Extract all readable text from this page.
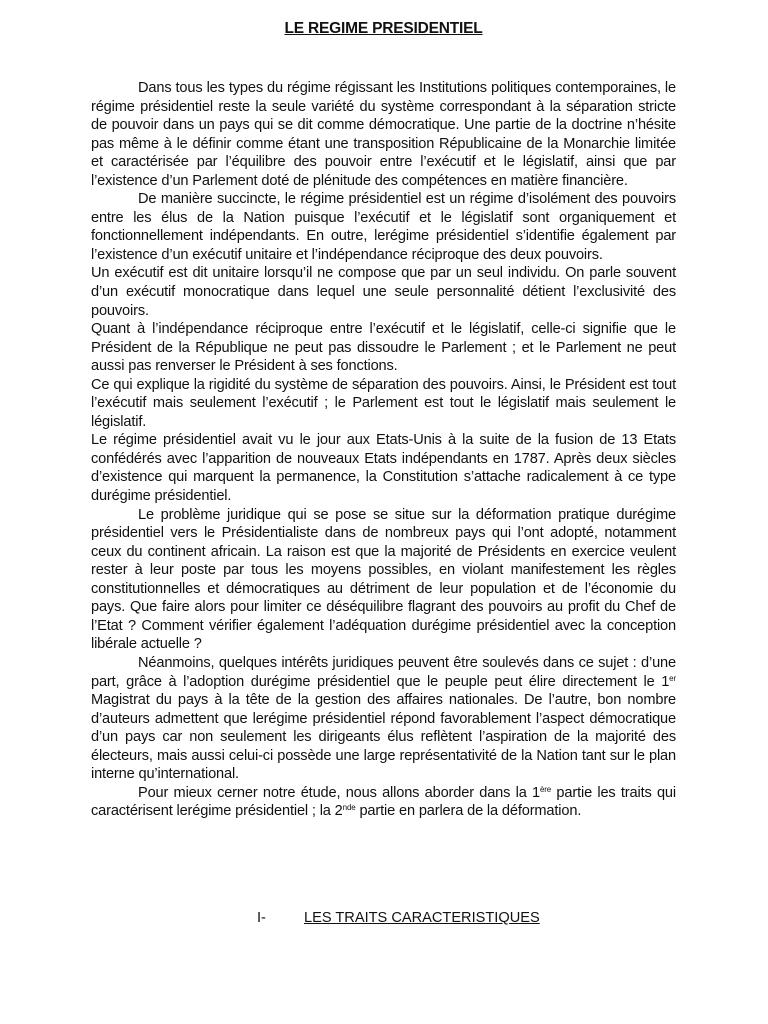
LE REGIME PRESIDENTIEL

Dans tous les types du régime régissant les Institutions politiques contemporaines, le régime présidentiel reste la seule variété du système correspondant à la séparation stricte de pouvoir dans un pays qui se dit comme démocratique. Une partie de la doctrine n’hésite pas même à le définir comme étant une transposition Républicaine de la Monarchie limitée et caractérisée par l’équilibre des pouvoir entre l’exécutif et le législatif, ainsi que par l’existence d’un Parlement doté de plénitude des compétences en matière financière.

De manière succincte, le régime présidentiel est un régime d’isolément des pouvoirs entre les élus de la Nation puisque l’exécutif et le législatif sont organiquement et fonctionnellement indépendants. En outre, lerégime présidentiel s’identifie également par l’existence d’un exécutif unitaire et l’indépendance réciproque des deux pouvoirs.

Un exécutif est dit unitaire lorsqu’il ne compose que par un seul individu. On parle souvent d’un exécutif monocratique dans lequel une seule personnalité détient l’exclusivité des pouvoirs.

Quant à l’indépendance réciproque entre l’exécutif et le législatif, celle-ci signifie que le Président de la République ne peut pas dissoudre le Parlement ; et le Parlement ne peut aussi pas renverser le Président à ses fonctions.

Ce qui explique la rigidité du système de séparation des pouvoirs. Ainsi, le Président est tout l’exécutif mais seulement l’exécutif ; le Parlement est tout le législatif mais seulement le législatif.

Le régime présidentiel avait vu le jour aux Etats-Unis à la suite de la fusion de 13 Etats confédérés avec l’apparition de nouveaux Etats indépendants en 1787. Après deux siècles d’existence qui marquent la permanence, la Constitution s’attache radicalement à ce type durégime présidentiel.

Le problème juridique qui se pose se situe sur la déformation pratique durégime présidentiel vers le Présidentialiste dans de nombreux pays qui l’ont adopté, notamment ceux du continent africain. La raison est que la majorité de Présidents en exercice veulent rester à leur poste par tous les moyens possibles, en violant manifestement les règles constitutionnelles et démocratiques au détriment de leur population et de l’économie du pays. Que faire alors pour limiter ce déséquilibre flagrant des pouvoirs au profit du Chef de l’Etat ? Comment vérifier également l’adéquation durégime présidentiel avec la conception libérale actuelle ?

Néanmoins, quelques intérêts juridiques peuvent être soulevés dans ce sujet : d’une part, grâce à l’adoption durégime présidentiel que le peuple peut élire directement le 1er Magistrat du pays à la tête de la gestion des affaires nationales. De l’autre, bon nombre d’auteurs admettent que lerégime présidentiel répond favorablement l’aspect démocratique d’un pays car non seulement les dirigeants élus reflètent l’aspiration de la majorité des électeurs, mais aussi celui-ci possède une large représentativité de la Nation tant sur le plan interne qu’international.

Pour mieux cerner notre étude, nous allons aborder dans la 1ère partie les traits qui caractérisent lerégime présidentiel ; la 2nde partie en parlera de la déformation.

I-	LES TRAITS CARACTERISTIQUES
